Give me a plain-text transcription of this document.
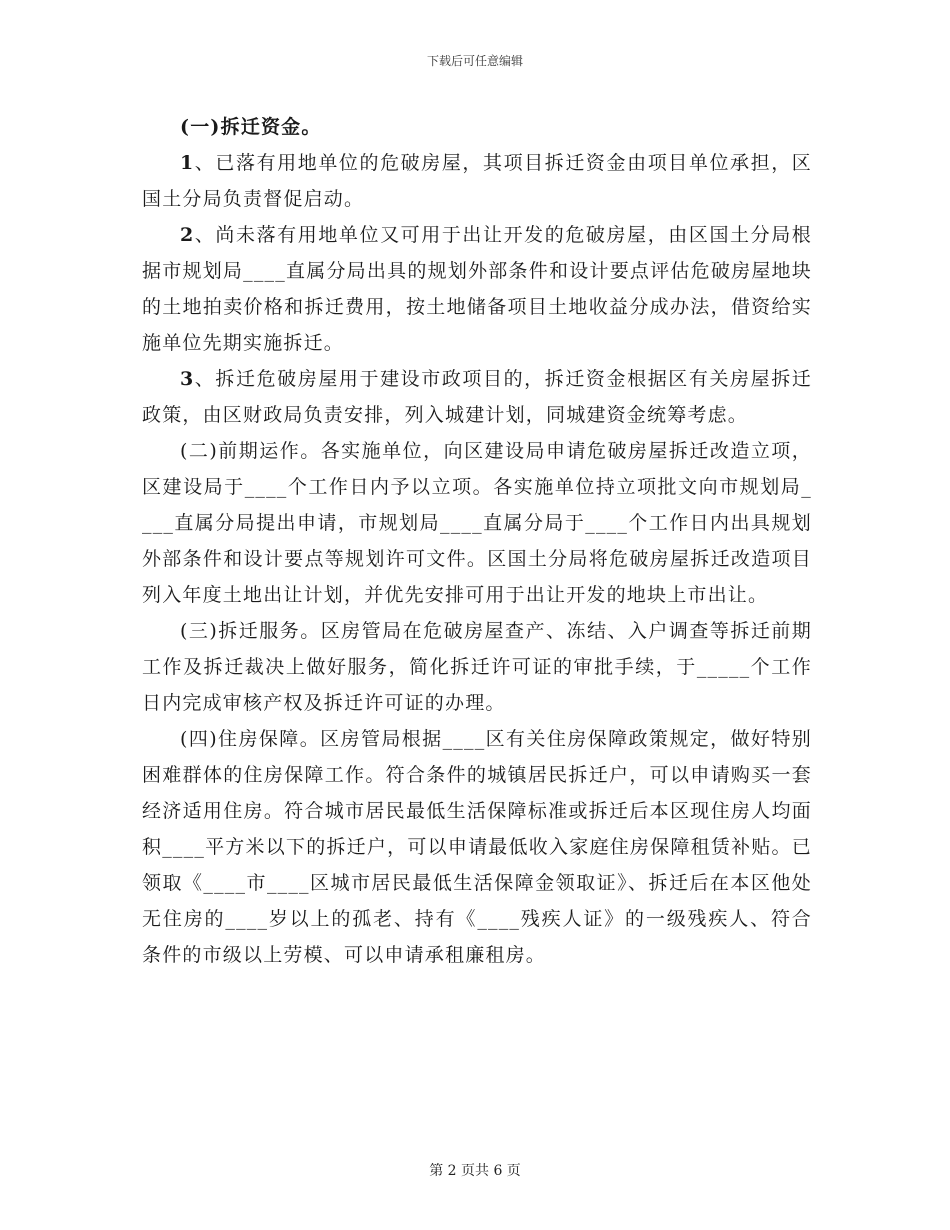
下载后可任意编辑

(一)拆迁资金。

1、已落有用地单位的危破房屋，其项目拆迁资金由项目单位承担，区国土分局负责督促启动。

2、尚未落有用地单位又可用于出让开发的危破房屋，由区国土分局根据市规划局____直属分局出具的规划外部条件和设计要点评估危破房屋地块的土地拍卖价格和拆迁费用，按土地储备项目土地收益分成办法，借资给实施单位先期实施拆迁。

3、拆迁危破房屋用于建设市政项目的，拆迁资金根据区有关房屋拆迁政策，由区财政局负责安排，列入城建计划，同城建资金统筹考虑。

(二)前期运作。各实施单位，向区建设局申请危破房屋拆迁改造立项，区建设局于____个工作日内予以立项。各实施单位持立项批文向市规划局____直属分局提出申请，市规划局____直属分局于____个工作日内出具规划外部条件和设计要点等规划许可文件。区国土分局将危破房屋拆迁改造项目列入年度土地出让计划，并优先安排可用于出让开发的地块上市出让。

(三)拆迁服务。区房管局在危破房屋查产、冻结、入户调查等拆迁前期工作及拆迁裁决上做好服务，简化拆迁许可证的审批手续，于_____个工作日内完成审核产权及拆迁许可证的办理。

(四)住房保障。区房管局根据____区有关住房保障政策规定，做好特别困难群体的住房保障工作。符合条件的城镇居民拆迁户，可以申请购买一套经济适用住房。符合城市居民最低生活保障标准或拆迁后本区现住房人均面积____平方米以下的拆迁户，可以申请最低收入家庭住房保障租赁补贴。已领取《____市____区城市居民最低生活保障金领取证》、拆迁后在本区他处无住房的____岁以上的孤老、持有《____残疾人证》的一级残疾人、符合条件的市级以上劳模、可以申请承租廉租房。

第 2 页共 6 页
